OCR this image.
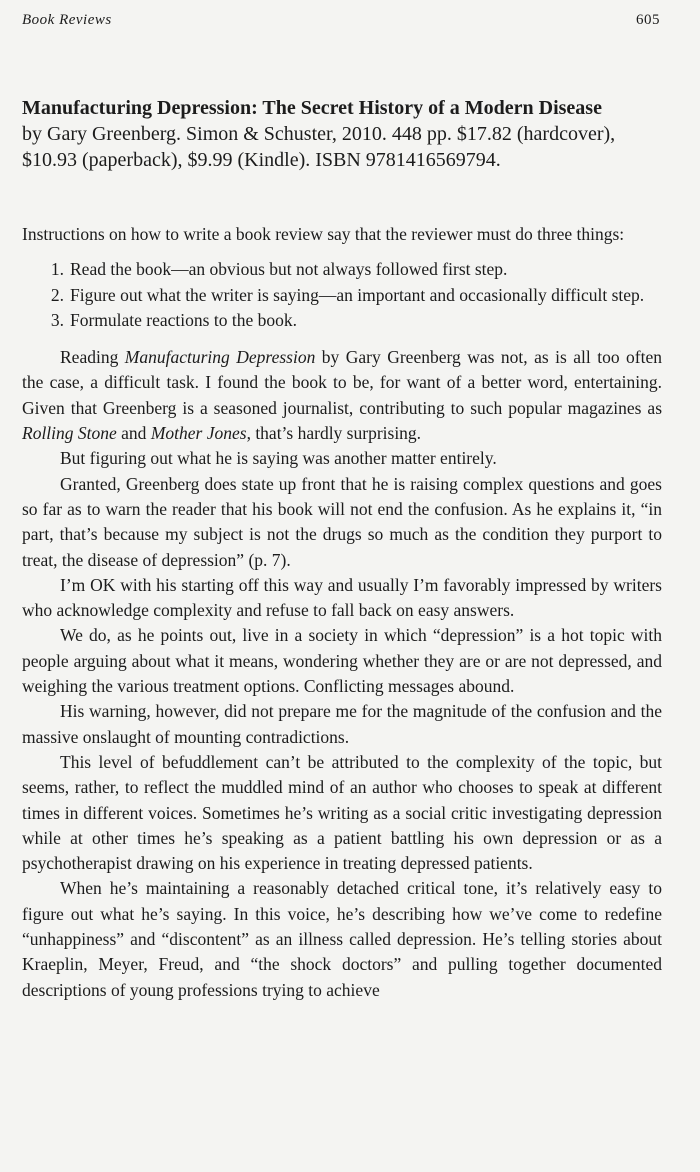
Book Reviews	605
Manufacturing Depression: The Secret History of a Modern Disease
by Gary Greenberg. Simon & Schuster, 2010. 448 pp. $17.82 (hardcover), $10.93 (paperback), $9.99 (Kindle). ISBN 9781416569794.

Instructions on how to write a book review say that the reviewer must do three things:

1. Read the book—an obvious but not always followed first step.
2. Figure out what the writer is saying—an important and occasionally difficult step.
3. Formulate reactions to the book.

Reading Manufacturing Depression by Gary Greenberg was not, as is all too often the case, a difficult task. I found the book to be, for want of a better word, entertaining. Given that Greenberg is a seasoned journalist, contributing to such popular magazines as Rolling Stone and Mother Jones, that’s hardly surprising.

But figuring out what he is saying was another matter entirely.

Granted, Greenberg does state up front that he is raising complex questions and goes so far as to warn the reader that his book will not end the confusion. As he explains it, “in part, that’s because my subject is not the drugs so much as the condition they purport to treat, the disease of depression” (p. 7).

I’m OK with his starting off this way and usually I’m favorably impressed by writers who acknowledge complexity and refuse to fall back on easy answers.

We do, as he points out, live in a society in which “depression” is a hot topic with people arguing about what it means, wondering whether they are or are not depressed, and weighing the various treatment options. Conflicting messages abound.

His warning, however, did not prepare me for the magnitude of the confusion and the massive onslaught of mounting contradictions.

This level of befuddlement can’t be attributed to the complexity of the topic, but seems, rather, to reflect the muddled mind of an author who chooses to speak at different times in different voices. Sometimes he’s writing as a social critic investigating depression while at other times he’s speaking as a patient battling his own depression or as a psychotherapist drawing on his experience in treating depressed patients.

When he’s maintaining a reasonably detached critical tone, it’s relatively easy to figure out what he’s saying. In this voice, he’s describing how we’ve come to redefine “unhappiness” and “discontent” as an illness called depression. He’s telling stories about Kraeplin, Meyer, Freud, and “the shock doctors” and pulling together documented descriptions of young professions trying to achieve
